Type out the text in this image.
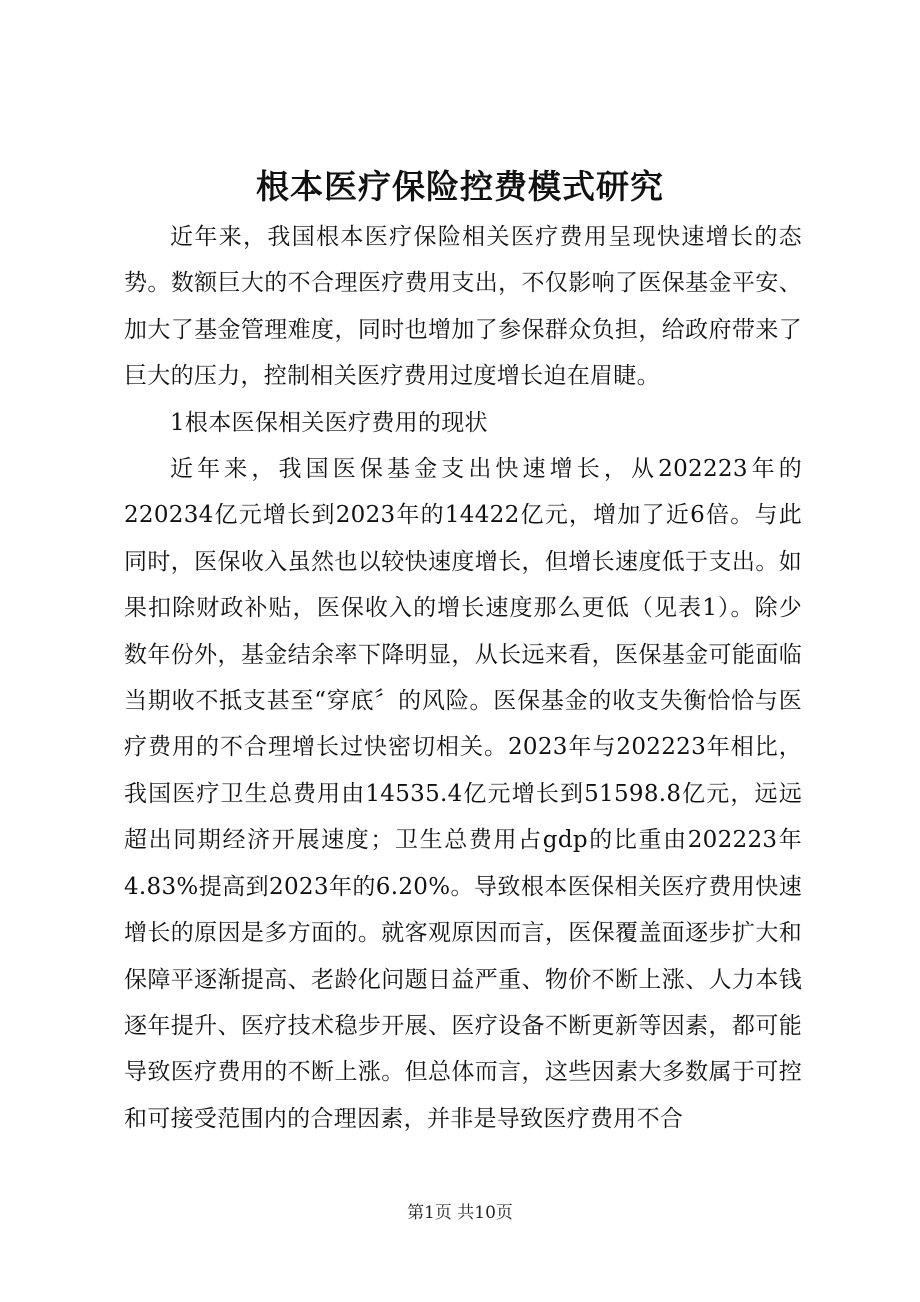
根本医疗保险控费模式研究

近年来，我国根本医疗保险相关医疗费用呈现快速增长的态势。数额巨大的不合理医疗费用支出，不仅影响了医保基金平安、加大了基金管理难度，同时也增加了参保群众负担，给政府带来了巨大的压力，控制相关医疗费用过度增长迫在眉睫。

1根本医保相关医疗费用的现状

近年来，我国医保基金支出快速增长，从202223年的220234亿元增长到2023年的14422亿元，增加了近6倍。与此同时，医保收入虽然也以较快速度增长，但增长速度低于支出。如果扣除财政补贴，医保收入的增长速度那么更低（见表1）。除少数年份外，基金结余率下降明显，从长远来看，医保基金可能面临当期收不抵支甚至“穿底〞的风险。医保基金的收支失衡恰恰与医疗费用的不合理增长过快密切相关。2023年与202223年相比，我国医疗卫生总费用由14535.4亿元增长到51598.8亿元，远远超出同期经济开展速度；卫生总费用占gdp的比重由202223年4.83%提高到2023年的6.20%。导致根本医保相关医疗费用快速增长的原因是多方面的。就客观原因而言，医保覆盖面逐步扩大和保障平逐渐提高、老龄化问题日益严重、物价不断上涨、人力本钱逐年提升、医疗技术稳步开展、医疗设备不断更新等因素，都可能导致医疗费用的不断上涨。但总体而言，这些因素大多数属于可控和可接受范围内的合理因素，并非是导致医疗费用不合

第1页 共10页
